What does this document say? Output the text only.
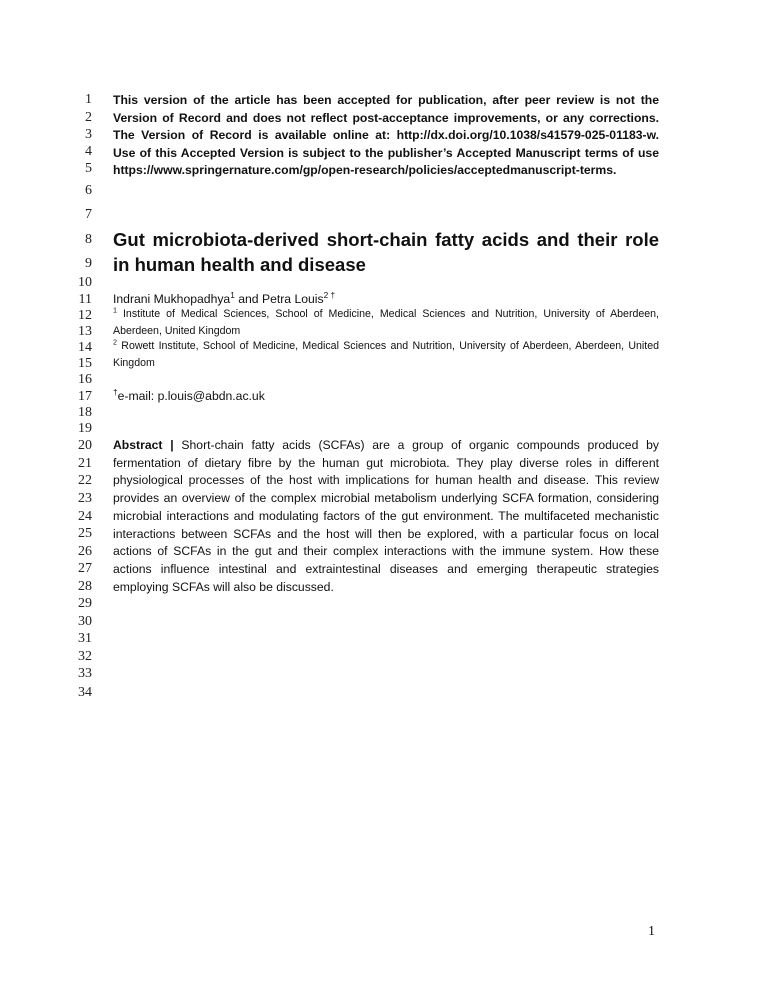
1
2
3
4
5
6
7
8
9
10
11
12
13
14
15
16
17
18
19
20
21
22
23
24
25
26
27
28
29
30
31
32
33
34

This version of the article has been accepted for publication, after peer review is not the Version of Record and does not reflect post-acceptance improvements, or any corrections. The Version of Record is available online at: http://dx.doi.org/10.1038/s41579-025-01183-w. Use of this Accepted Version is subject to the publisher’s Accepted Manuscript terms of use https://www.springernature.com/gp/open-research/policies/acceptedmanuscript-terms.

Gut microbiota-derived short-chain fatty acids and their role in human health and disease

Indrani Mukhopadhya$^1$ and Petra Louis$^{2 \dagger}$

$^1$ Institute of Medical Sciences, School of Medicine, Medical Sciences and Nutrition, University of Aberdeen, Aberdeen, United Kingdom

$^2$ Rowett Institute, School of Medicine, Medical Sciences and Nutrition, University of Aberdeen, Aberdeen, United Kingdom

†e-mail: p.louis@abdn.ac.uk

Abstract | Short-chain fatty acids (SCFAs) are a group of organic compounds produced by fermentation of dietary fibre by the human gut microbiota. They play diverse roles in different physiological processes of the host with implications for human health and disease. This review provides an overview of the complex microbial metabolism underlying SCFA formation, considering microbial interactions and modulating factors of the gut environment. The multifaceted mechanistic interactions between SCFAs and the host will then be explored, with a particular focus on local actions of SCFAs in the gut and their complex interactions with the immune system. How these actions influence intestinal and extraintestinal diseases and emerging therapeutic strategies employing SCFAs will also be discussed.

1
